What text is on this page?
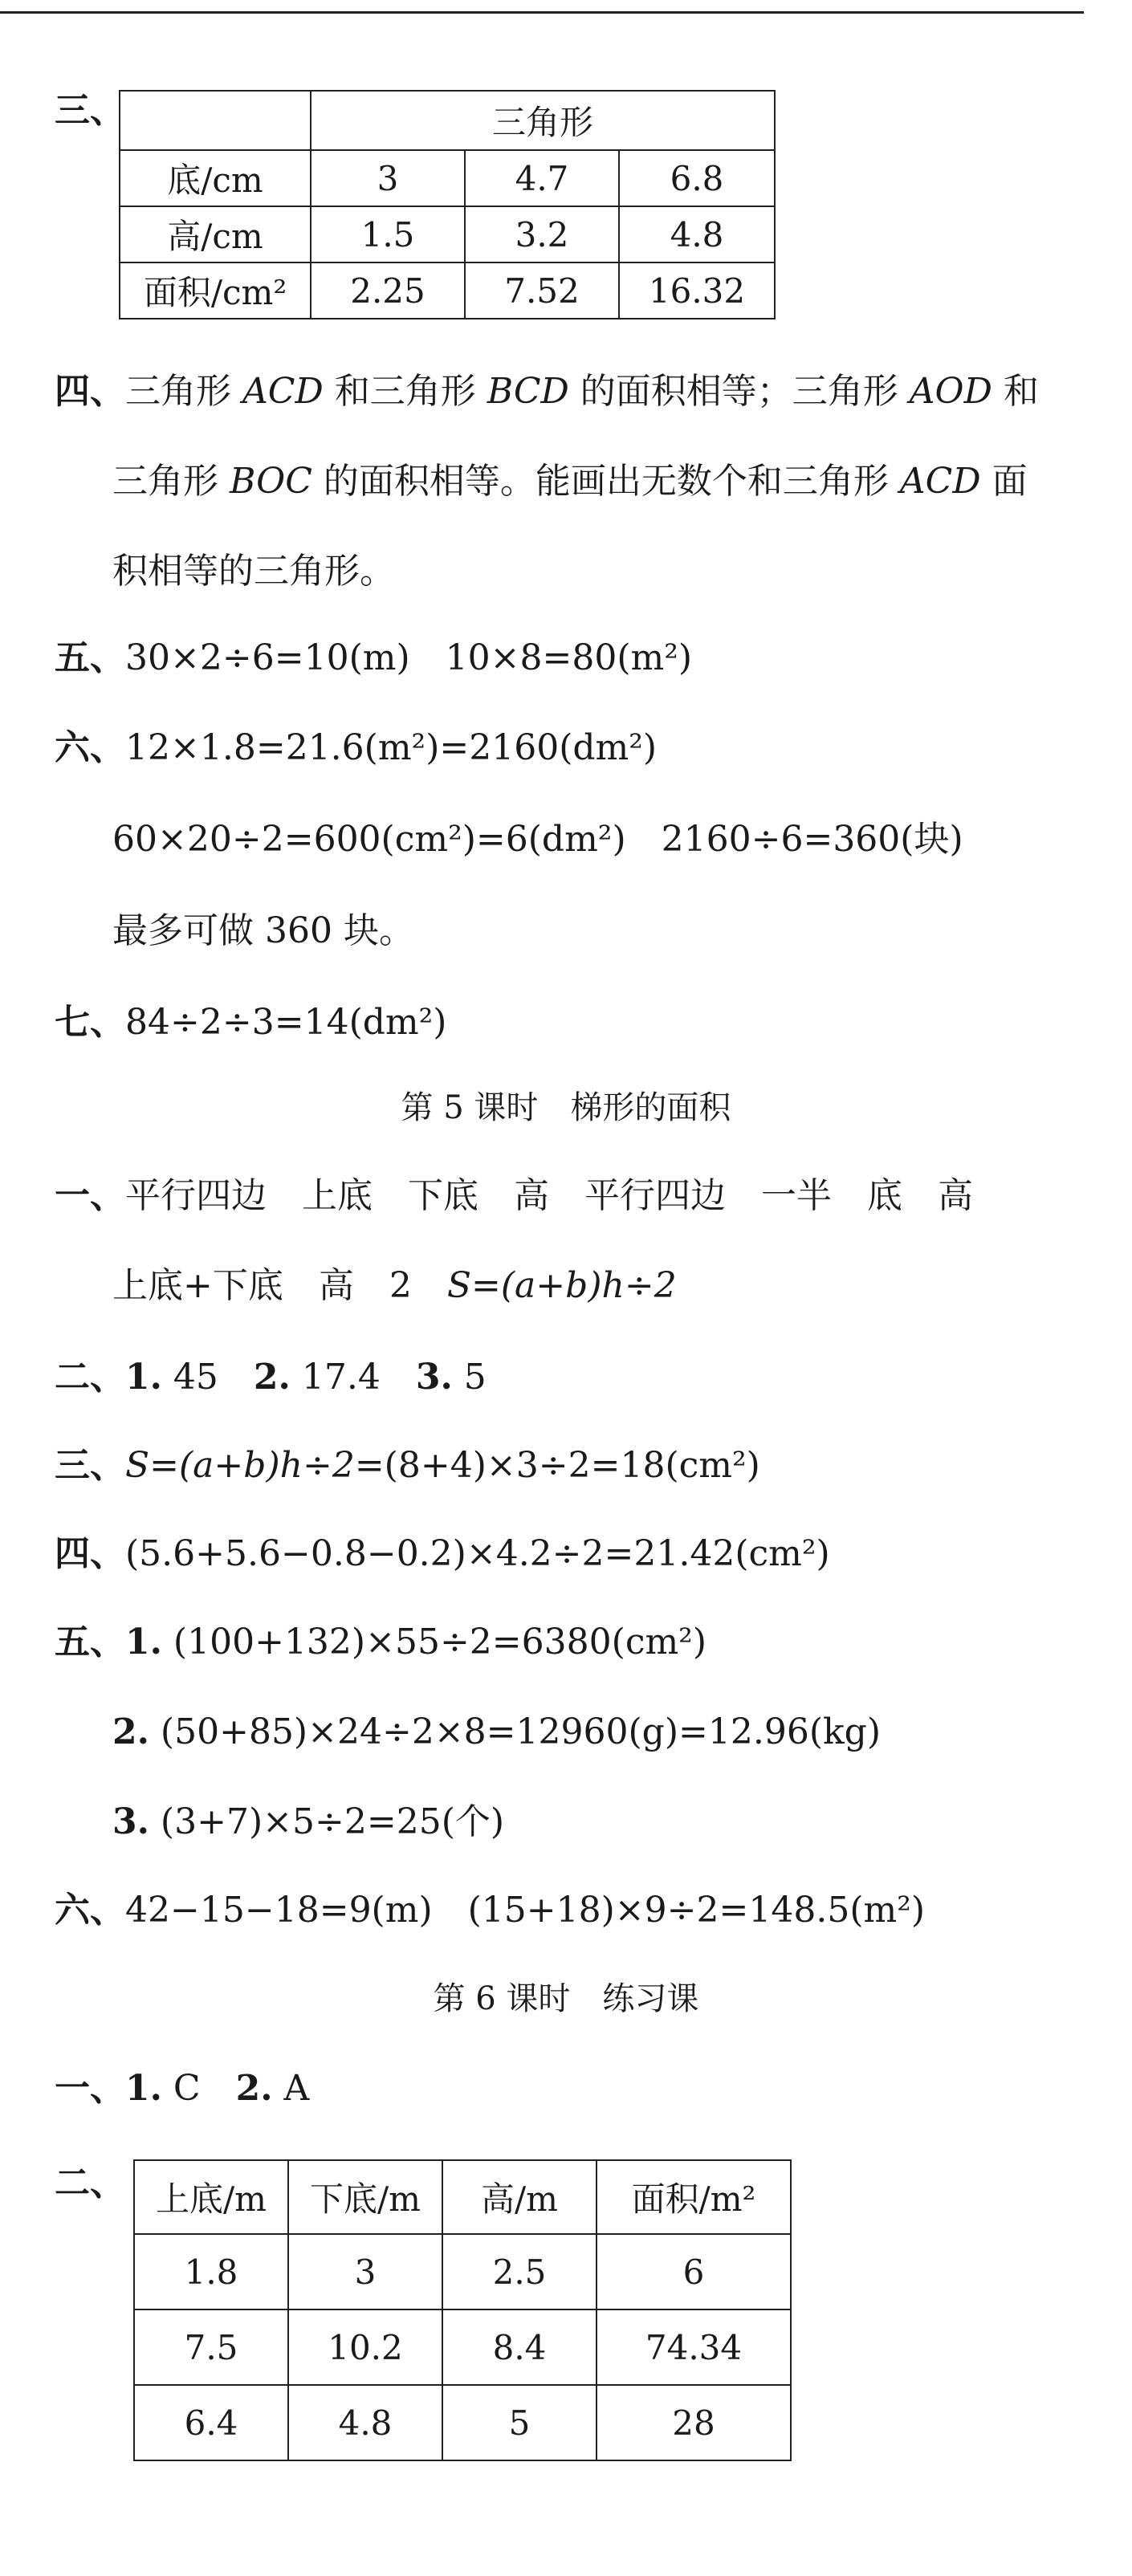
三、
		三角形		
底/cm	3	4.7	6.8
高/cm	1.5	3.2	4.8
面积/cm²	2.25	7.52	16.32
四、三角形 ACD 和三角形 BCD 的面积相等；三角形 AOD 和
三角形 BOC 的面积相等。能画出无数个和三角形 ACD 面
积相等的三角形。
五、30×2÷6=10(m)　10×8=80(m²)
六、12×1.8=21.6(m²)=2160(dm²)
60×20÷2=600(cm²)=6(dm²)　2160÷6=360(块)
最多可做 360 块。
七、84÷2÷3=14(dm²)
第 5 课时　梯形的面积
一、平行四边　上底　下底　高　平行四边　一半　底　高
上底+下底　高　2　S=(a+b)h÷2
二、1. 45　2. 17.4　3. 5
三、S=(a+b)h÷2=(8+4)×3÷2=18(cm²)
四、(5.6+5.6−0.8−0.2)×4.2÷2=21.42(cm²)
五、1. (100+132)×55÷2=6380(cm²)
2. (50+85)×24÷2×8=12960(g)=12.96(kg)
3. (3+7)×5÷2=25(个)
六、42−15−18=9(m)　(15+18)×9÷2=148.5(m²)
第 6 课时　练习课
一、1. C　2. A
二、 上底/m	下底/m	高/m	面积/m²
1.8	3	2.5	6
7.5	10.2	8.4	74.34
6.4	4.8	5	28
